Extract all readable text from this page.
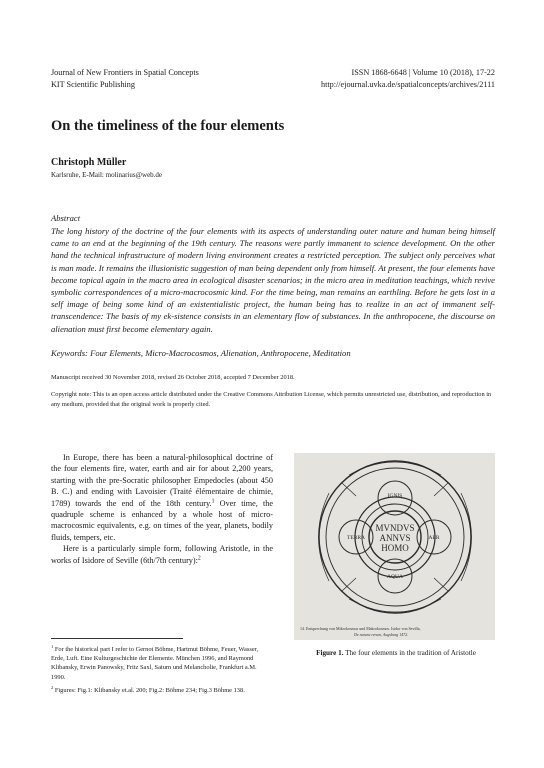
Journal of New Frontiers in Spatial Concepts
KIT Scientific Publishing
ISSN 1868-6648 | Volume 10 (2018), 17-22
http://ejournal.uvka.de/spatialconcepts/archives/2111
On the timeliness of the four elements
Christoph Müller
Karlsruhe, E-Mail: molinarius@web.de
Abstract
The long history of the doctrine of the four elements with its aspects of understanding outer nature and human being himself came to an end at the beginning of the 19th century. The reasons were partly immanent to science development. On the other hand the technical infrastructure of modern living environment creates a restricted perception. The subject only perceives what is man made. It remains the illusionistic suggestion of man being dependent only from himself. At present, the four elements have become topical again in the macro area in ecological disaster scenarios; in the micro area in meditation teachings, which revive symbolic correspondences of a micro-macrocosmic kind. For the time being, man remains an earthling. Before he gets lost in a self image of being some kind of an existentialistic project, the human being has to realize in an act of immanent self-transcendence: The basis of my ek-sistence consists in an elementary flow of substances. In the anthropocene, the discourse on alienation must first become elementary again.
Keywords: Four Elements, Micro-Macrocosmos, Alienation, Anthropocene, Meditation
Manuscript received 30 November 2018, revised 26 October 2018, accepted 7 December 2018.
Copyright note: This is an open access article distributed under the Creative Commons Attribution License, which permits unrestricted use, distribution, and reproduction in any medium, provided that the original work is properly cited.

In Europe, there has been a natural-philosophical doctrine of the four elements fire, water, earth and air for about 2,200 years, starting with the pre-Socratic philosopher Empedocles (about 450 B. C.) and ending with Lavoisier (Traité élémentaire de chimie, 1789) towards the end of the 18th century.$^1$ Over time, the quadruple scheme is enhanced by a whole host of micro-macrocosmic equivalents, e.g. on times of the year, planets, bodily fluids, tempers, etc.

Here is a particularly simple form, following Aristotle, in the works of Isidore of Seville (6th/7th century):$^2$

$^1$ For the historical part I refer to Gernot Böhme, Hartmut Böhme, Feuer, Wasser, Erde, Luft. Eine Kulturgeschichte der Elemente. München 1996, and Raymond Klibansky, Erwin Panowsky, Fritz Saxl, Saturn und Melancholie, Frankfurt a.M. 1990.

$^2$ Figures: Fig.1: Klibansky et.al. 200; Fig.2: Böhme 234; Fig.3 Böhme 138.

MVNDVS
ANNVS
HOMO
IGNIS
AER
AQUA
TERRA
14. Entsprechung von Mikrokosmos und Makrokosmos. Isidor von Sevilla,
De natura rerum, Augsburg 1472.
Figure 1. The four elements in the tradition of Aristotle
